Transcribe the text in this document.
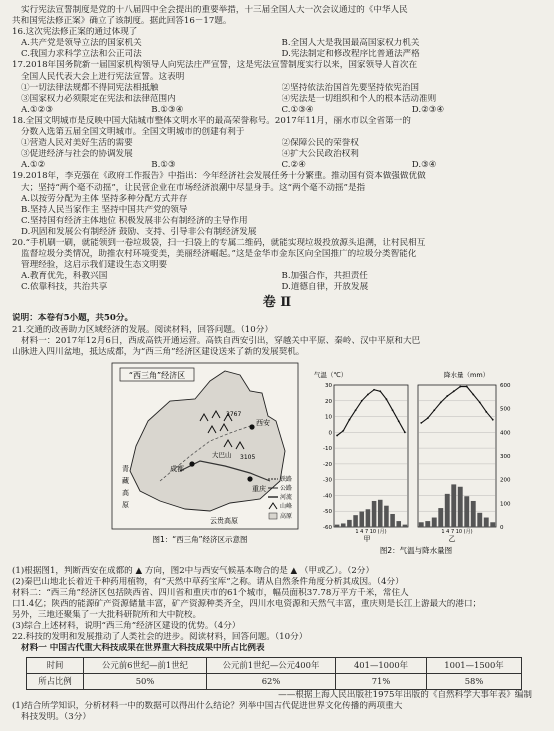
实行宪法宣誓制度是党的十八届四中全会提出的重要举措，十三届全国人大一次会议通过的《中华人民
共和国宪法修正案》确立了该制度。据此回答16－17题。
16.这次宪法修正案的通过体现了
A.共产党是领导立法的国家机关	B.全国人大是我国最高国家权力机关
C.我国力求科学立法和公正司法	D.宪法制定和修改程序比普通法严格
17.2018年国务院新一届国家机构领导人向宪法庄严宣誓，这是宪法宣誓制度实行以来，国家领导人首次在
全国人民代表大会上进行宪法宣誓。这表明
①一切法律法规都不得同宪法相抵触	②坚持依法治国首先要坚持依宪治国
③国家权力必须限定在宪法和法律范围内	④宪法是一切组织和个人的根本活动准则
A.①②③	B.①③④	C.①③④	D.②③④
18.全国文明城市是反映中国大陆城市整体文明水平的最高荣誉称号。2017年11月，丽水市以全省第一的
分数入选第五届全国文明城市。全国文明城市的创建有利于
①营造人民对美好生活的需要	②保障公民的荣誉权
③促进经济与社会的协调发展	④扩大公民政治权利
A.①②	B.①③	C.②④	D.③④
19.2018年，李克强在《政府工作报告》中指出：今年经济社会发展任务十分繁重。推动国有资本做强做优做
大；坚持“两个毫不动摇”，让民营企业在市场经济浪潮中尽显身手。这“两个毫不动摇”是指
A.以按劳分配为主体 坚持多种分配方式并存
B.坚持人民当家作主 坚持中国共产党的领导
C.坚持国有经济主体地位 积极发展非公有制经济的主导作用
D.巩固和发展公有制经济 鼓励、支持、引导非公有制经济发展
20.“手机刷一刷，就能领到一卷垃圾袋，扫一扫袋上的专属二维码，就能实现垃圾投放源头追溯，让村民相互
监督垃圾分类情况，助推农村环境变美，美丽经济崛起。”这是金华市金东区向全国推广的垃圾分类智能化
管理经验，这启示我们建设生态文明要
A.教育优先，科教兴国	B.加强合作，共担责任
C.依靠科技，共治共享	D.道德自律，开放发展
卷 Ⅱ
说明：本卷有5小题，共50分。
21.交通的改善助力区域经济的发展。阅读材料，回答问题。（10分）
材料一：2017年12月6日，西成高铁开通运营。高铁自西安引出，穿越关中平原、秦岭、汉中平原和大巴
山脉进入四川盆地，抵达成都，为“西三角”经济区建设送来了新的发展契机。
“西三角”经济区
西安
成都
重庆
3767
3105
大巴山
青
藏
高
原
云贵高原
铁路
公路
河流
山峰
高原
图1：“西三角”经济区示意图
气温（℃）	降水量（mm）
30
20
10
0
-10
-20
-30
-40
-50
-60
600
500
400
300
200
100
0
1 4 7 10 (月)	1 4 7 10 (月)
甲	乙
图2：气温与降水量图
(1)根据图1，判断西安在成都的 ▲ 方向，图2中与西安气候基本吻合的是 ▲ （甲或乙）。（2分）
(2)秦巴山地北长着近千种药用植物，有“天然中草药宝库”之称。请从自然条件角度分析其成因。（4分）
材料二：“西三角”经济区包括陕西省、四川省和重庆市的61个城市，幅员面积37.78万平方千米，常住人
口1.4亿；陕西的能源矿产资源储量丰富，矿产资源种类齐全，四川水电资源和天然气丰富，重庆则是长江上游最大的港口；
另外，三地还聚集了一大批科研院所和大中院校。
(3)综合上述材料，说明“西三角”经济区建设的优势。（4分）
22.科技的发明和发展推动了人类社会的进步。阅读材料，回答问题。（10分）
材料一 中国古代重大科技成果在世界重大科技成果中所占比例表
时间	公元前6世纪—前1世纪	公元前1世纪—公元400年	401—1000年	1001—1500年
所占比例	50%	62%	71%	58%
——根据上海人民出版社1975年出版的《自然科学大事年表》编制
(1)结合所学知识，分析材料一中的数据可以得出什么结论？列举中国古代促进世界文化传播的两项重大
科技发明。（3分）
